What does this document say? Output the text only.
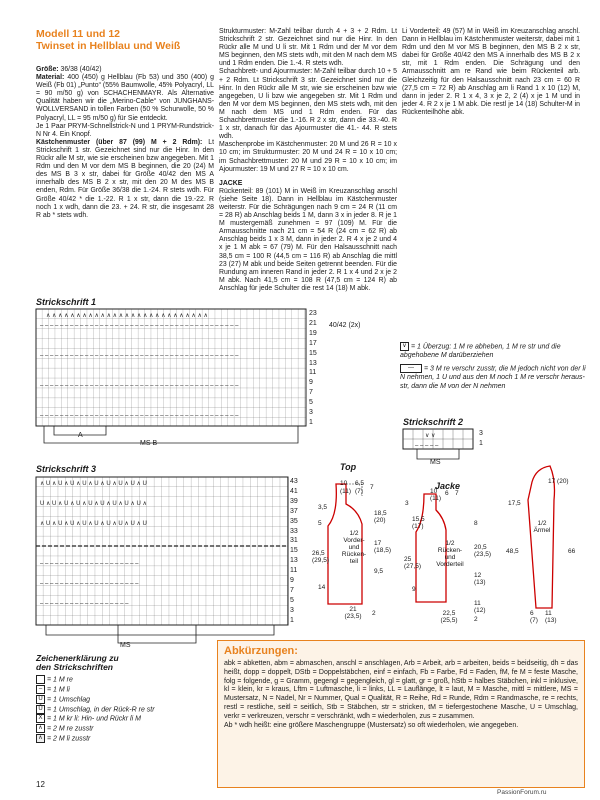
Modell 11 und 12
Twinset in Hellblau und Weiß
Größe: 36/38 (40/42)
Material: 400 (450) g Hellblau (Fb 53) und 350 (400) g Weiß (Fb 01) „Punto“ (55% Baumwolle, 45% Polyacryl, LL = 90 m/50 g) von SCHACHENMAYR. Als Alternative Qualität haben wir die „Merino-Cable“ von JUNGHANS-WOLLVERSAND in tollen Farben (50 % Schurwolle, 50 % Polyacryl, LL = 95 m/50 g) für Sie entdeckt.
Je 1 Paar PRYM-Schnellstrick-N und 1 PRYM-Rundstrick-N Nr 4. Ein Knopf.
Kästchenmuster (über 87 (99) M + 2 Rdm): Lt Strickschrift 1 str. Gezeichnet sind nur die Hinr. In den Rückr alle M str, wie sie erscheinen bzw angegeben. Mit 1 Rdm und den M vor dem MS B beginnen, die 20 (24) M des MS B 3 x str, dabei für Größe 40/42 den MS A innerhalb des MS B 2 x str, mit den 20 M des MS B enden, Rdm. Für Größe 36/38 die 1.-24. R stets wdh. Für Größe 40/42 * die 1.-22. R 1 x str, dann die 19.-22. R noch 1 x wdh, dann die 23. + 24. R str, die insgesamt 28 R ab * stets wdh.
Strukturmuster: M-Zahl teilbar durch 4 + 3 + 2 Rdm. Lt Strickschrift 2 str. Gezeichnet sind nur die Hinr. In den Rückr alle M und U li str. Mit 1 Rdm und der M vor dem MS beginnen, den MS stets wdh, mit den M nach dem MS und 1 Rdm enden. Die 1.-4. R stets wdh.
Schachbrett- und Ajourmuster: M-Zahl teilbar durch 10 + 5 + 2 Rdm. Lt Strickschrift 3 str. Gezeichnet sind nur die Hinr. In den Rückr alle M str, wie sie erscheinen bzw wie angegeben, U li bzw wie angegeben str. Mit 1 Rdm und den M vor dem MS beginnen, den MS stets wdh, mit den M nach dem MS und 1 Rdm enden. Für das Schachbrettmuster die 1.-16. R 2 x str, dann die 33.-40. R 1 x str, danach für das Ajourmuster die 41.- 44. R stets wdh.
Maschenprobe im Kästchenmuster: 20 M und 26 R = 10 x 10 cm; im Strukturmuster: 20 M und 24 R = 10 x 10 cm; im Schachbrettmuster: 20 M und 29 R = 10 x 10 cm; im Ajourmuster: 19 M und 27 R = 10 x 10 cm.
JACKE
Rückenteil: 89 (101) M in Weiß im Kreuzanschlag anschl (siehe Seite 18). Dann in Hellblau im Kästchenmuster weiterstr. Für die Schrägungen nach 9 cm = 24 R (11 cm = 28 R) ab Anschlag beids 1 M, dann 3 x in jeder 8. R je 1 M mustergemäß zunehmen = 97 (109) M. Für die Armausschnitte nach 21 cm = 54 R (24 cm = 62 R) ab Anschlag beids 1 x 3 M, dann in jeder 2. R 4 x je 2 und 4 x je 1 M abk = 67 (79) M. Für den Halsausschnitt nach 38,5 cm = 100 R (44,5 cm = 116 R) ab Anschlag die mittl 23 (27) M abk und beide Seiten getrennt beenden. Für die Rundung am inneren Rand in jeder 2. R 1 x 4 und 2 x je 2 M abk. Nach 41,5 cm = 108 R (47,5 cm = 124 R) ab Anschlag für jede Schulter die rest 14 (18) M abk.
Li Vorderteil: 49 (57) M in Weiß im Kreuzanschlag anschl. Dann in Hellblau im Kästchenmuster weiterstr, dabei mit 1 Rdm und den M vor MS B beginnen, den MS B 2 x str, dabei für Größe 40/42 den MS A innerhalb des MS B 2 x str, mit 1 Rdm enden. Die Schrägung und den Armausschnitt am re Rand wie beim Rückenteil arb. Gleichzeitig für den Halsausschnitt nach 23 cm = 60 R (27,5 cm = 72 R) ab Anschlag am li Rand 1 x 10 (12) M, dann in jeder 2. R 1 x 4, 3 x je 2, 2 (4) x je 1 M und in jeder 4. R 2 x je 1 M abk. Die restl je 14 (18) Schulter-M in Rückenteilhöhe abk.
Strickschrift 1
∧ ∧ ∧ ∧ ∧ ∧ ∧ ∧ ∧ ∧ ∧ ∧ ∧ ∧ ∧ ∧ ∧ ∧ ∧ ∧ ∧ ∧ ∧ ∧ ∧ ∧ ∧
– – – – – – – – – – – – – – – – – – – – – – – – – – – – – – – – – – – – – – – –
– – – – – – – – – – – – – – – – – – – – – – – – – – – – – – – – – – – – – – – –
– – – – – – – – – – – – – – – – – – – – – – – – – – – – – – – – – – – – – – – –
– – – – – – – – – – – – – – – – – – – – – – – – – – – – – – – – – – – – – – – –
A
MS B
23
21
19
17
15
13
11
9
7
5
3
1
40/42 (2x)
∨ = 1 Überzug: 1 M re abheben, 1 M re str und die abgehobene M darüberziehen
— = 3 M re verschr zusstr, die M jedoch nicht von der li N nehmen, 1 U und aus den M noch 1 M re verschr herausstr, dann die M von der N nehmen
Strickschrift 2
∨ ∨
– – – – –
3
1
MS
Strickschrift 3
∧ U ∧ U ∧ U ∧ U ∧ U ∧ U ∧ U ∧ U ∧ U
U ∧ U ∧ U ∧ U ∧ U ∧ U ∧ U ∧ U ∧ U ∧
∧ U ∧ U ∧ U ∧ U ∧ U ∧ U ∧ U ∧ U ∧ U
– – – – – – – – – – – – – – – – – – – –
– – – – – – – – – – – – – – – – – – – –
– – – – – – – – – – – – – – – – – –
MS
43
41
39
37
35
33
31
15
13
11
9
7
5
3
1
Top
10
(11)
6,5
(7)
7
3,5
18,5 (20)
5
1/2 Vorder- und Rücken- teil
17 (18,5)
26,5 (29,5)
9,5
14
21 (23,5)	2
Jacke
10
(11)
6 7
3
15,5 (17)	8
20,5 (23,5)
1/2 Rücken- und Vorderteil
12 (13)
25 (27,5)
9
22,5 (25,5)
11 (12)
2
17 (20)
17,5
1/2 Ärmel
48,5	66
6 (7)
11 (13)
Zeichenerklärung zu
den Strickschriften
= 1 M re
– = 1 M li
U = 1 Umschlag
Ū = 1 Umschlag, in der Rück-R re str
X = 1 M kr li: Hin- und Rückr li M
∧ = 2 M re zusstr
∧ = 2 M li zusstr
Abkürzungen:
abk = abketten, abm = abmaschen, anschl = anschlagen, Arb = Arbeit, arb = arbeiten, beids = beidseitig, dh = das heißt, dopp = doppelt, DStb = Doppelstäbchen, einf = einfach, Fb = Farbe, Fd = Faden, fM, fe M = feste Masche, folg = folgende, g = Gramm, gegengl = gegengleich, gl = glatt, gr = groß, hStb = halbes Stäbchen, inkl = inklusive, kl = klein, kr = kraus, Lftm = Luftmasche, li = links, LL = Lauflänge, lt = laut, M = Masche, mittl = mittlere, MS = Mustersatz, N = Nadel, Nr = Nummer, Qual = Qualität, R = Reihe, Rd = Runde, Rdm = Randmasche, re = rechts, restl = restliche, seitl = seitlich, Stb = Stäbchen, str = stricken, tM = tiefergestochene Masche, U = Umschlag, verkr = verkreuzen, verschr = verschränkt, wdh = wiederholen, zus = zusammen.
Ab * wdh heißt: eine größere Maschengruppe (Mustersatz) so oft wiederholen, wie angegeben.
12
PassionForum.ru
